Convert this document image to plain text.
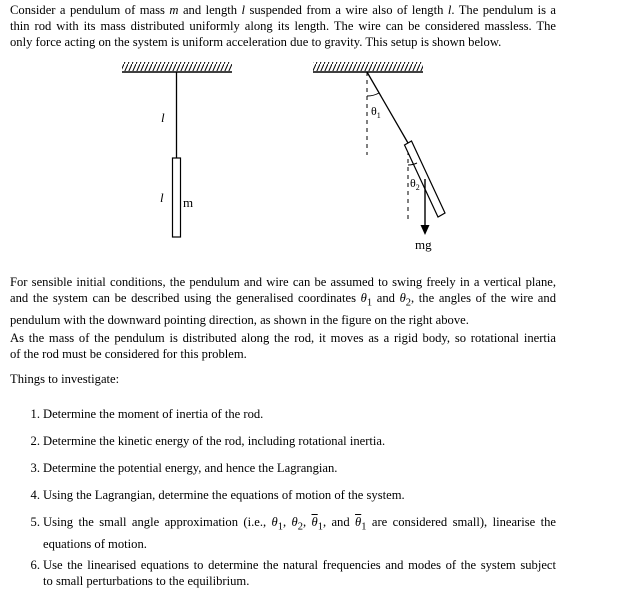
Consider a pendulum of mass m and length l suspended from a wire also of length l. The pendulum is a
thin rod with its mass distributed uniformly along its length. The wire can be considered massless. The
only force acting on the system is uniform acceleration due to gravity. This setup is shown below.

l
l m
$\theta_1$
$\theta_2$
mg

For sensible initial conditions, the pendulum and wire can be assumed to swing freely in a vertical plane,
and the system can be described using the generalised coordinates $\theta_1$ and $\theta_2$, the angles of the wire and
pendulum with the downward pointing direction, as shown in the figure on the right above.

As the mass of the pendulum is distributed along the rod, it moves as a rigid body, so rotational inertia
of the rod must be considered for this problem.

Things to investigate:

1. Determine the moment of inertia of the rod.
2. Determine the kinetic energy of the rod, including rotational inertia.
3. Determine the potential energy, and hence the Lagrangian.
4. Using the Lagrangian, determine the equations of motion of the system.
5. Using the small angle approximation (i.e., $\theta_1$, $\theta_2$, $\overline{\theta}_1$, and $\overline{\theta}_1$ are considered small), linearise the
equations of motion.
6. Use the linearised equations to determine the natural frequencies and modes of the system subject
to small perturbations to the equilibrium.
